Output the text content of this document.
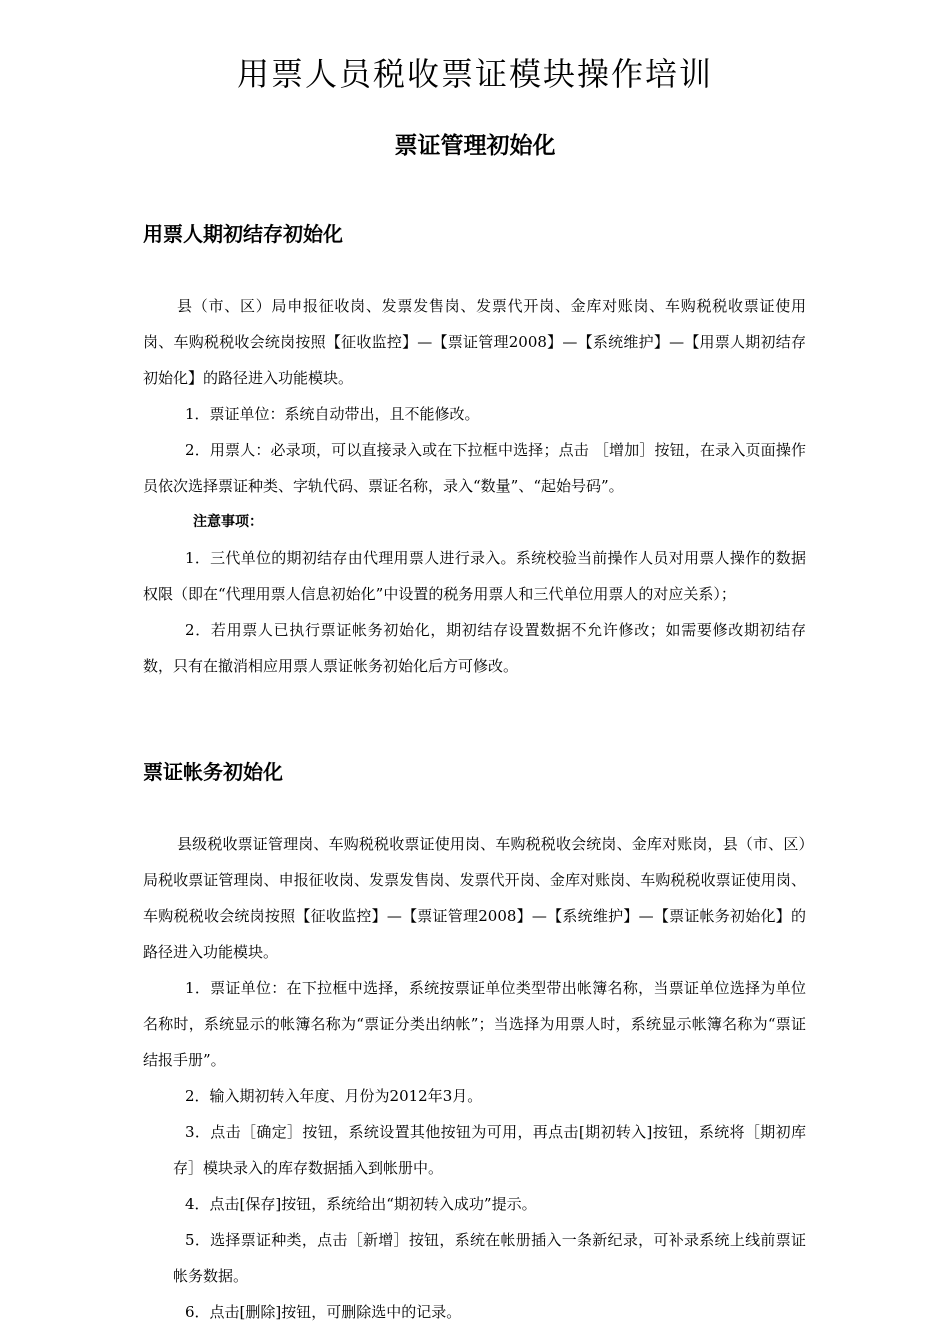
用票人员税收票证模块操作培训
票证管理初始化
用票人期初结存初始化

县（市、区）局申报征收岗、发票发售岗、发票代开岗、金库对账岗、车购税税收票证使用岗、车购税税收会统岗按照【征收监控】—【票证管理2008】—【系统维护】—【用票人期初结存初始化】的路径进入功能模块。

1．票证单位：系统自动带出，且不能修改。

2．用票人：必录项，可以直接录入或在下拉框中选择；点击 ［增加］按钮，在录入页面操作员依次选择票证种类、字轨代码、票证名称，录入“数量”、“起始号码”。

注意事项：

1．三代单位的期初结存由代理用票人进行录入。系统校验当前操作人员对用票人操作的数据权限（即在“代理用票人信息初始化”中设置的税务用票人和三代单位用票人的对应关系）；

2．若用票人已执行票证帐务初始化，期初结存设置数据不允许修改；如需要修改期初结存数，只有在撤消相应用票人票证帐务初始化后方可修改。

票证帐务初始化

县级税收票证管理岗、车购税税收票证使用岗、车购税税收会统岗、金库对账岗，县（市、区）局税收票证管理岗、申报征收岗、发票发售岗、发票代开岗、金库对账岗、车购税税收票证使用岗、车购税税收会统岗按照【征收监控】—【票证管理2008】—【系统维护】—【票证帐务初始化】的路径进入功能模块。

1．票证单位：在下拉框中选择，系统按票证单位类型带出帐簿名称，当票证单位选择为单位名称时，系统显示的帐簿名称为“票证分类出纳帐”；当选择为用票人时，系统显示帐簿名称为“票证结报手册”。

2．输入期初转入年度、月份为2012年3月。

3．点击［确定］按钮，系统设置其他按钮为可用，再点击[期初转入]按钮，系统将［期初库存］模块录入的库存数据插入到帐册中。

4．点击[保存]按钮，系统给出“期初转入成功”提示。

5．选择票证种类，点击［新增］按钮，系统在帐册插入一条新纪录，可补录系统上线前票证帐务数据。

6．点击[删除]按钮，可删除选中的记录。
